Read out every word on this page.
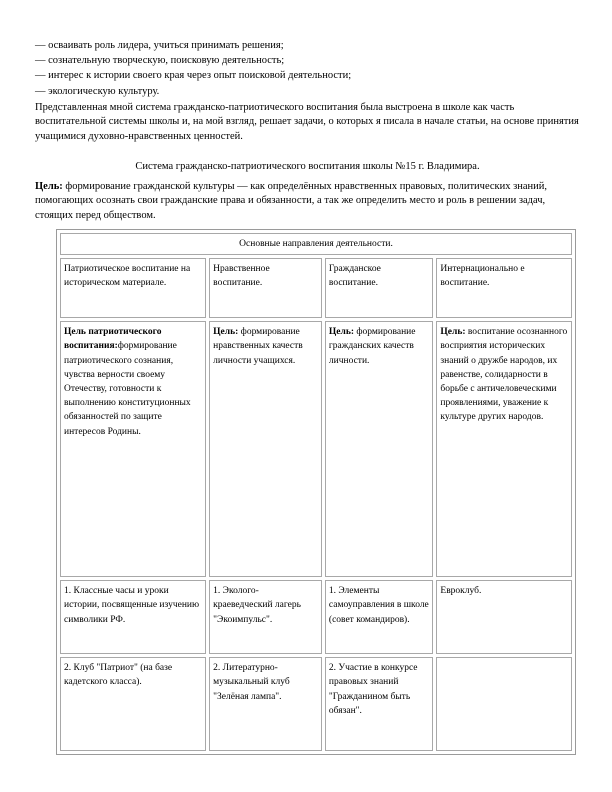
— осваивать роль лидера, учиться принимать решения;
— сознательную творческую, поисковую деятельность;
— интерес к истории своего края через опыт поисковой деятельности;
— экологическую культуру.
Представленная мной система гражданско-патриотического воспитания была выстроена в школе как часть воспитательной системы школы и, на мой взгляд, решает задачи, о которых я писала в начале статьи, на основе принятия учащимися духовно-нравственных ценностей.
Система гражданско-патриотического воспитания школы №15 г. Владимира.
Цель: формирование гражданской культуры — как определённых нравственных правовых, политических знаний, помогающих осознать свои гражданские права и обязанности, а так же определить место и роль в решении задач, стоящих перед обществом.
Основные направления деятельности.			
Патриотическое воспитание на историческом материале.	Нравственное воспитание.	Гражданское воспитание.	Интернационально е воспитание.
Цель патриотического воспитания:формирование патриотического сознания, чувства верности своему Отечеству, готовности к выполнению конституционных обязанностей по защите интересов Родины.	Цель: формирование нравственных качеств личности учащихся.	Цель: формирование гражданских качеств личности.	Цель: воспитание осознанного восприятия исторических знаний о дружбе народов, их равенстве, солидарности в борьбе с античеловеческими проявлениями, уважение к культуре других народов.
1. Классные часы и уроки истории, посвященные изучению символики РФ.	1. Эколого-краеведческий лагерь "Экоимпульс".	1. Элементы самоуправления в школе (совет командиров).	Евроклуб.
2. Клуб "Патриот" (на базе кадетского класса).	2. Литературно-музыкальный клуб "Зелёная лампа".	2. Участие в конкурсе правовых знаний "Гражданином быть обязан".	
